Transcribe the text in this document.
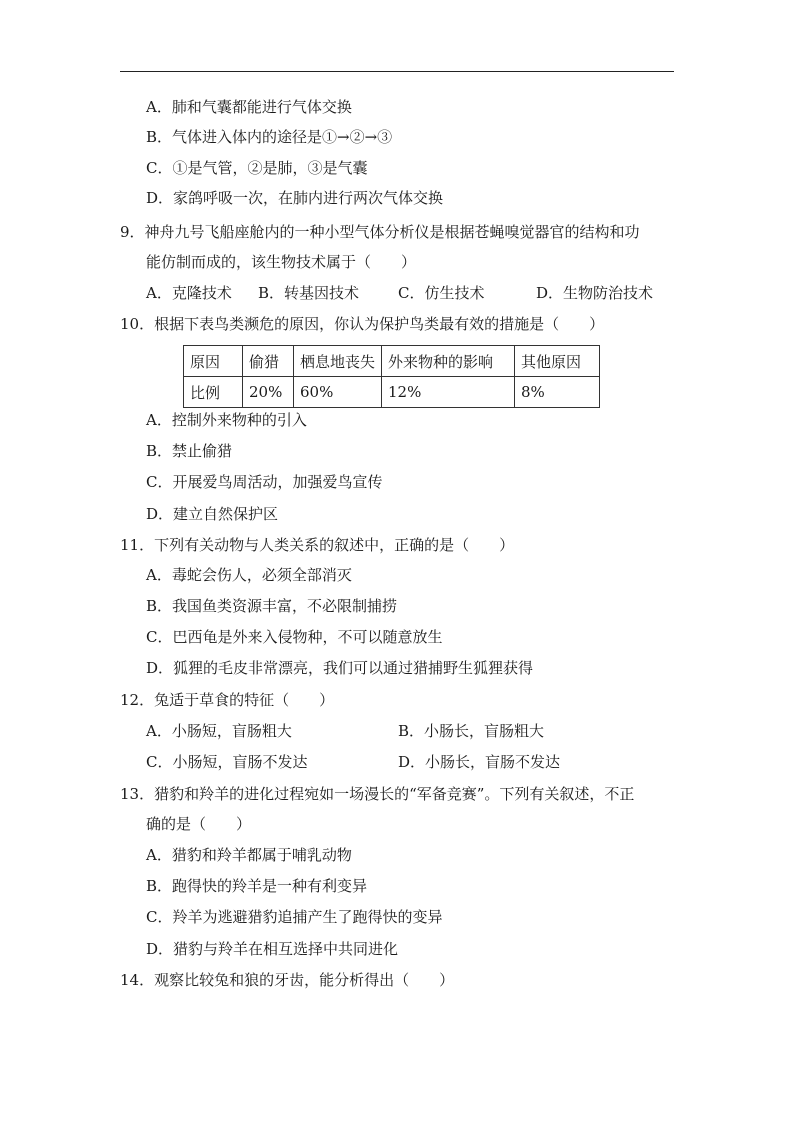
A．肺和气囊都能进行气体交换
B．气体进入体内的途径是①→②→③
C．①是气管，②是肺，③是气囊
D．家鸽呼吸一次，在肺内进行两次气体交换
9．神舟九号飞船座舱内的一种小型气体分析仪是根据苍蝇嗅觉器官的结构和功
能仿制而成的，该生物技术属于（　　）
A．克隆技术 B．转基因技术	C．仿生技术	D．生物防治技术
10．根据下表鸟类濒危的原因，你认为保护鸟类最有效的措施是（　　）
原因	偷猎	栖息地丧失	外来物种的影响	其他原因
比例	20%	60%	12%	8%
A．控制外来物种的引入
B．禁止偷猎
C．开展爱鸟周活动，加强爱鸟宣传
D．建立自然保护区
11．下列有关动物与人类关系的叙述中，正确的是（　　）
A．毒蛇会伤人，必须全部消灭
B．我国鱼类资源丰富，不必限制捕捞
C．巴西龟是外来入侵物种，不可以随意放生
D．狐狸的毛皮非常漂亮，我们可以通过猎捕野生狐狸获得
12．兔适于草食的特征（　　）
A．小肠短，盲肠粗大	B．小肠长，盲肠粗大
C．小肠短，盲肠不发达	D．小肠长，盲肠不发达
13．猎豹和羚羊的进化过程宛如一场漫长的“军备竞赛”。下列有关叙述，不正
确的是（　　）
A．猎豹和羚羊都属于哺乳动物
B．跑得快的羚羊是一种有利变异
C．羚羊为逃避猎豹追捕产生了跑得快的变异
D．猎豹与羚羊在相互选择中共同进化
14．观察比较兔和狼的牙齿，能分析得出（　　）
